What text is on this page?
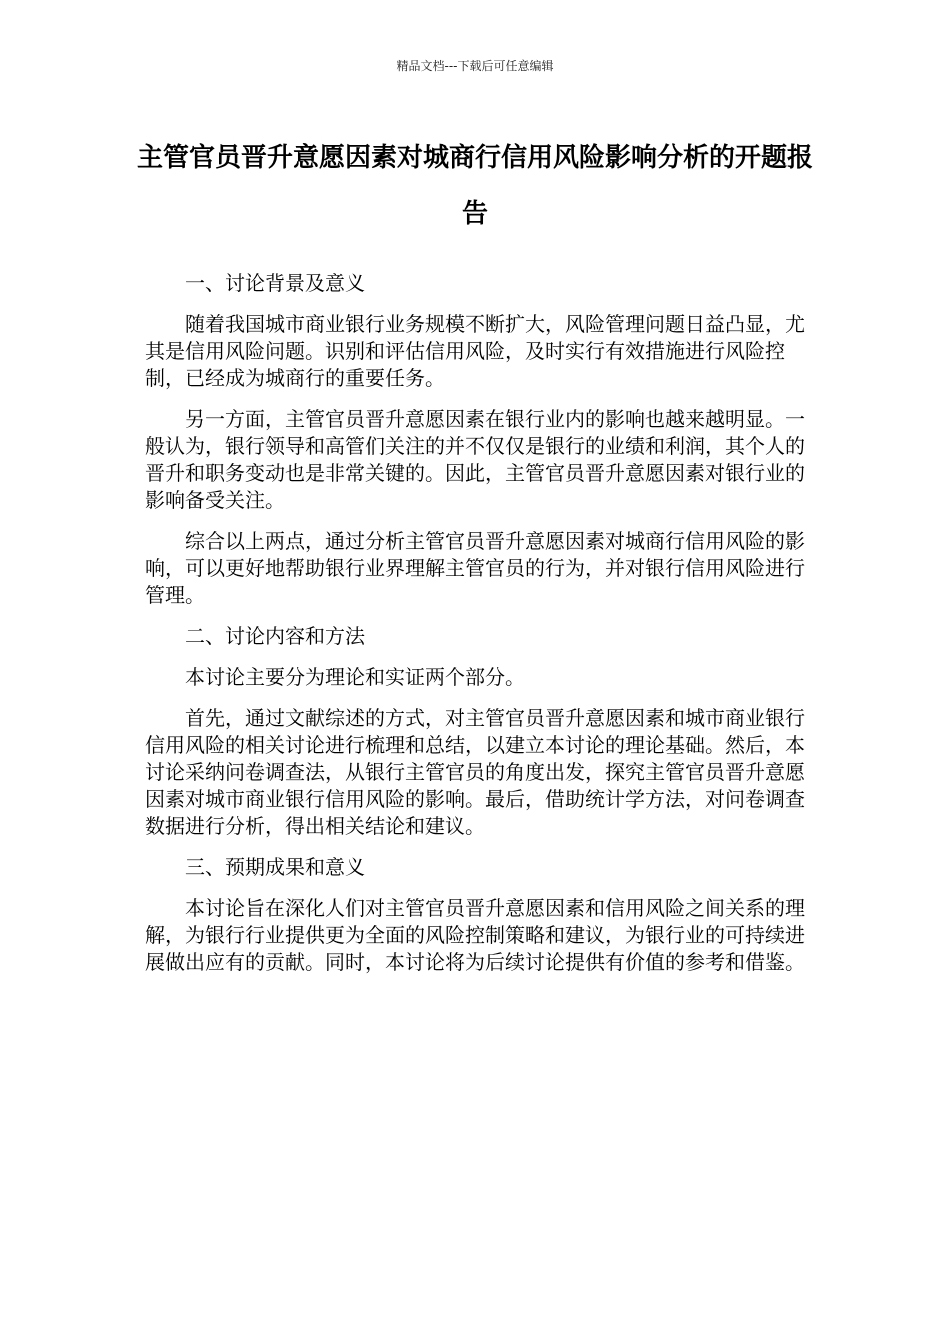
精品文档---下载后可任意编辑
主管官员晋升意愿因素对城商行信用风险影响分析的开题报告

一、讨论背景及意义

随着我国城市商业银行业务规模不断扩大，风险管理问题日益凸显，尤其是信用风险问题。识别和评估信用风险，及时实行有效措施进行风险控制，已经成为城商行的重要任务。

另一方面，主管官员晋升意愿因素在银行业内的影响也越来越明显。一般认为，银行领导和高管们关注的并不仅仅是银行的业绩和利润，其个人的晋升和职务变动也是非常关键的。因此，主管官员晋升意愿因素对银行业的影响备受关注。

综合以上两点，通过分析主管官员晋升意愿因素对城商行信用风险的影响，可以更好地帮助银行业界理解主管官员的行为，并对银行信用风险进行管理。

二、讨论内容和方法

本讨论主要分为理论和实证两个部分。

首先，通过文献综述的方式，对主管官员晋升意愿因素和城市商业银行信用风险的相关讨论进行梳理和总结，以建立本讨论的理论基础。然后，本讨论采纳问卷调查法，从银行主管官员的角度出发，探究主管官员晋升意愿因素对城市商业银行信用风险的影响。最后，借助统计学方法，对问卷调查数据进行分析，得出相关结论和建议。

三、预期成果和意义

本讨论旨在深化人们对主管官员晋升意愿因素和信用风险之间关系的理解，为银行行业提供更为全面的风险控制策略和建议，为银行业的可持续进展做出应有的贡献。同时，本讨论将为后续讨论提供有价值的参考和借鉴。
